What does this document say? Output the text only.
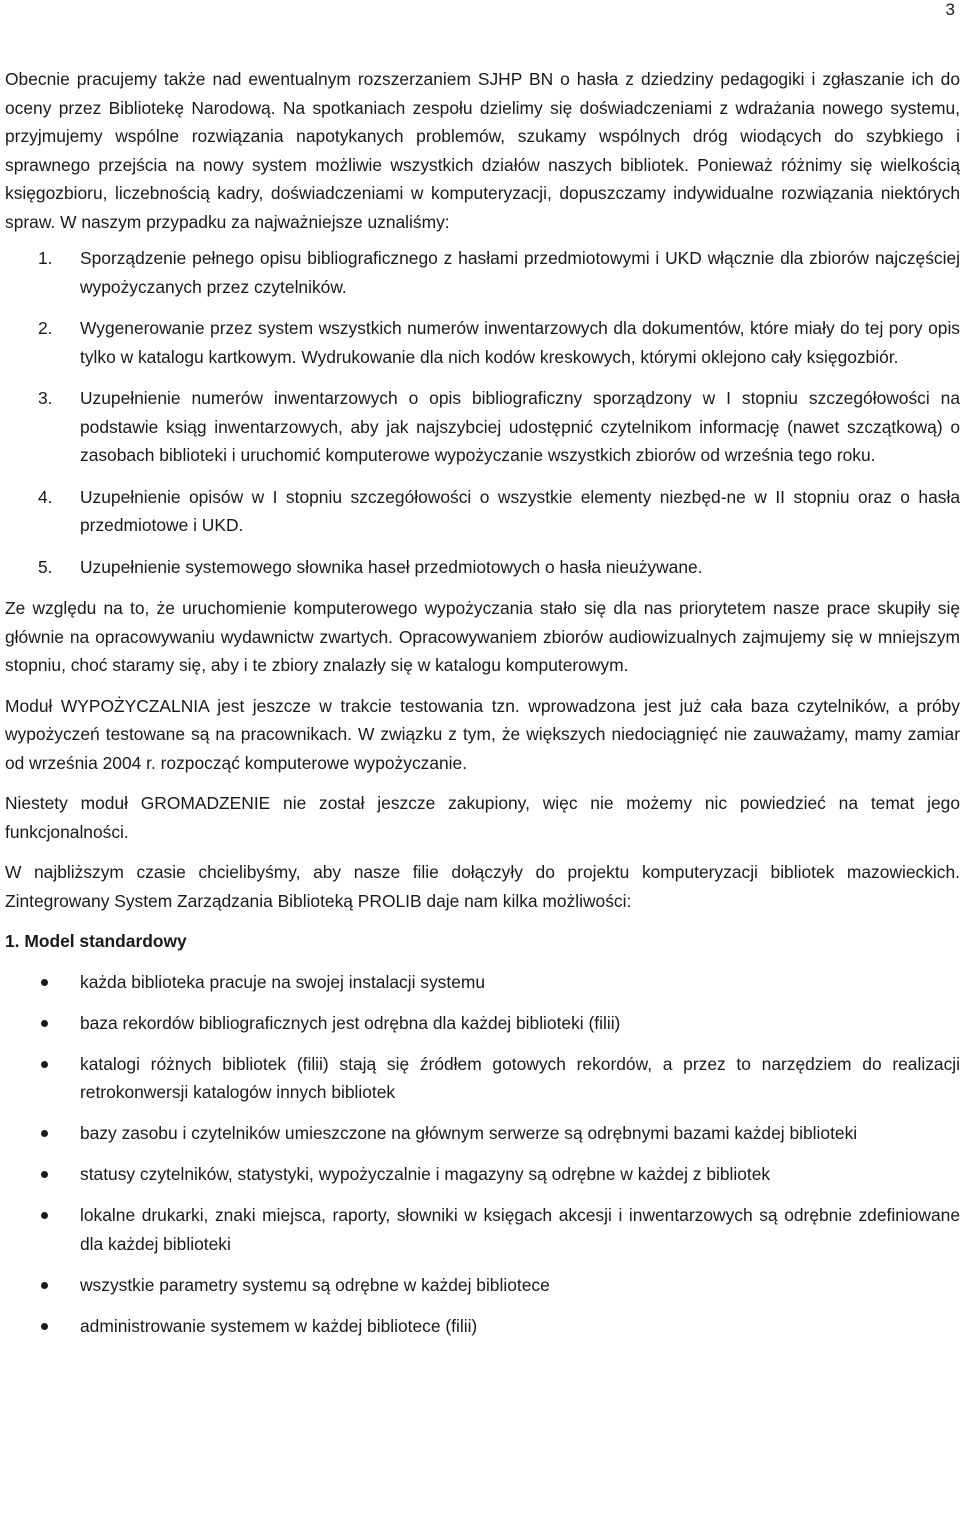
3

Obecnie pracujemy także nad ewentualnym rozszerzaniem SJHP BN o hasła z dziedziny pedagogiki i zgłaszanie ich do oceny przez Bibliotekę Narodową. Na spotkaniach zespołu dzielimy się doświadczeniami z wdrażania nowego systemu, przyjmujemy wspólne rozwiązania napotykanych problemów, szukamy wspólnych dróg wiodących do szybkiego i sprawnego przejścia na nowy system możliwie wszystkich działów naszych bibliotek. Ponieważ różnimy się wielkością księgozbioru, liczebnością kadry, doświadczeniami w komputeryzacji, dopuszczamy indywidualne rozwiązania niektórych spraw. W naszym przypadku za najważniejsze uznaliśmy:

1. Sporządzenie pełnego opisu bibliograficznego z hasłami przedmiotowymi i UKD włącznie dla zbiorów najczęściej wypożyczanych przez czytelników.
2. Wygenerowanie przez system wszystkich numerów inwentarzowych dla dokumentów, które miały do tej pory opis tylko w katalogu kartkowym. Wydrukowanie dla nich kodów kreskowych, którymi oklejono cały księgozbiór.
3. Uzupełnienie numerów inwentarzowych o opis bibliograficzny sporządzony w I stopniu szczegółowości na podstawie ksiąg inwentarzowych, aby jak najszybciej udostępnić czytelnikom informację (nawet szczątkową) o zasobach biblioteki i uruchomić komputerowe wypożyczanie wszystkich zbiorów od września tego roku.
4. Uzupełnienie opisów w I stopniu szczegółowości o wszystkie elementy niezbęd-ne w II stopniu oraz o hasła przedmiotowe i UKD.
5. Uzupełnienie systemowego słownika haseł przedmiotowych o hasła nieużywane.

Ze względu na to, że uruchomienie komputerowego wypożyczania stało się dla nas priorytetem nasze prace skupiły się głównie na opracowywaniu wydawnictw zwartych. Opracowywaniem zbiorów audiowizualnych zajmujemy się w mniejszym stopniu, choć staramy się, aby i te zbiory znalazły się w katalogu komputerowym.

Moduł WYPOŻYCZALNIA jest jeszcze w trakcie testowania tzn. wprowadzona jest już cała baza czytelników, a próby wypożyczeń testowane są na pracownikach. W związku z tym, że większych niedociągnięć nie zauważamy, mamy zamiar od września 2004 r. rozpocząć komputerowe wypożyczanie.

Niestety moduł GROMADZENIE nie został jeszcze zakupiony, więc nie możemy nic powiedzieć na temat jego funkcjonalności.

W najbliższym czasie chcielibyśmy, aby nasze filie dołączyły do projektu komputeryzacji bibliotek mazowieckich. Zintegrowany System Zarządzania Biblioteką PROLIB daje nam kilka możliwości:

1. Model standardowy
każda biblioteka pracuje na swojej instalacji systemu
baza rekordów bibliograficznych jest odrębna dla każdej biblioteki (filii)
katalogi różnych bibliotek (filii) stają się źródłem gotowych rekordów, a przez to narzędziem do realizacji retrokonwersji katalogów innych bibliotek
bazy zasobu i czytelników umieszczone na głównym serwerze są odrębnymi bazami każdej biblioteki
statusy czytelników, statystyki, wypożyczalnie i magazyny są odrębne w każdej z bibliotek
lokalne drukarki, znaki miejsca, raporty, słowniki w księgach akcesji i inwentarzowych są odrębnie zdefiniowane dla każdej biblioteki
wszystkie parametry systemu są odrębne w każdej bibliotece
administrowanie systemem w każdej bibliotece (filii)
